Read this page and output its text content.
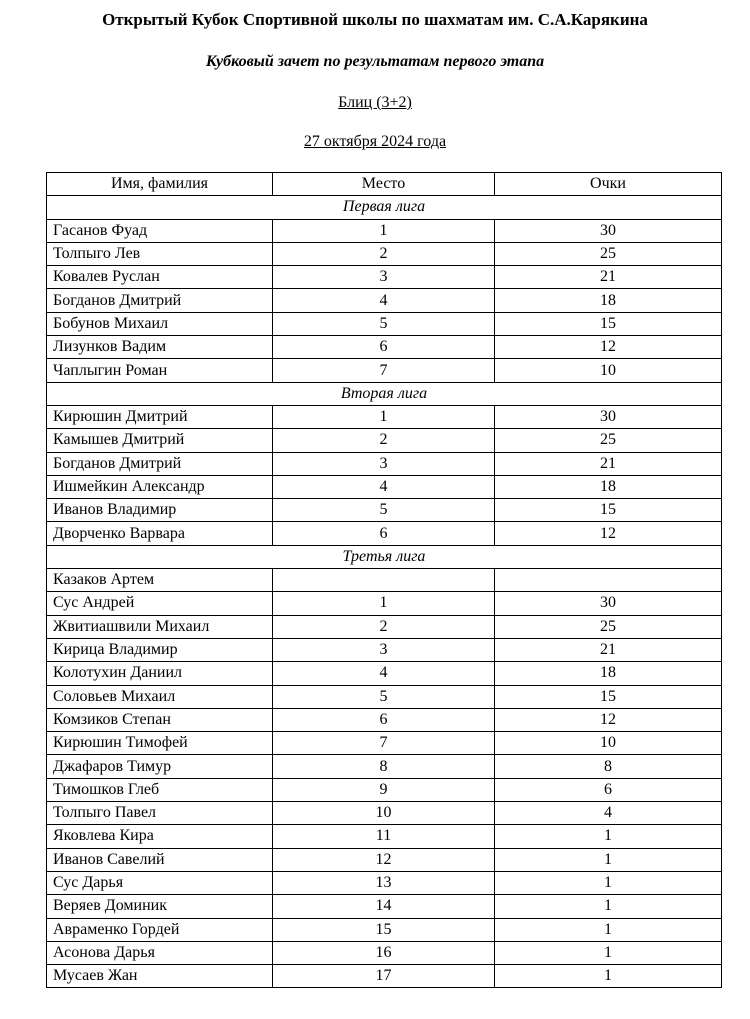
Открытый Кубок Спортивной школы по шахматам им. С.А.Карякина
Кубковый зачет по результатам первого этапа
Блиц (3+2)
27 октября 2024 года
Имя, фамилия	Место	Очки
Первая лига		
Гасанов Фуад	1	30
Толпыго Лев	2	25
Ковалев Руслан	3	21
Богданов Дмитрий	4	18
Бобунов Михаил	5	15
Лизунков Вадим	6	12
Чаплыгин Роман	7	10
Вторая лига		
Кирюшин Дмитрий	1	30
Камышев Дмитрий	2	25
Богданов Дмитрий	3	21
Ишмейкин Александр	4	18
Иванов Владимир	5	15
Дворченко Варвара	6	12
Третья лига		
Казаков Артем		
Сус Андрей	1	30
Жвитиашвили Михаил	2	25
Кирица Владимир	3	21
Колотухин Даниил	4	18
Соловьев Михаил	5	15
Комзиков Степан	6	12
Кирюшин Тимофей	7	10
Джафаров Тимур	8	8
Тимошков Глеб	9	6
Толпыго Павел	10	4
Яковлева Кира	11	1
Иванов Савелий	12	1
Сус Дарья	13	1
Веряев Доминик	14	1
Авраменко Гордей	15	1
Асонова Дарья	16	1
Мусаев Жан	17	1
